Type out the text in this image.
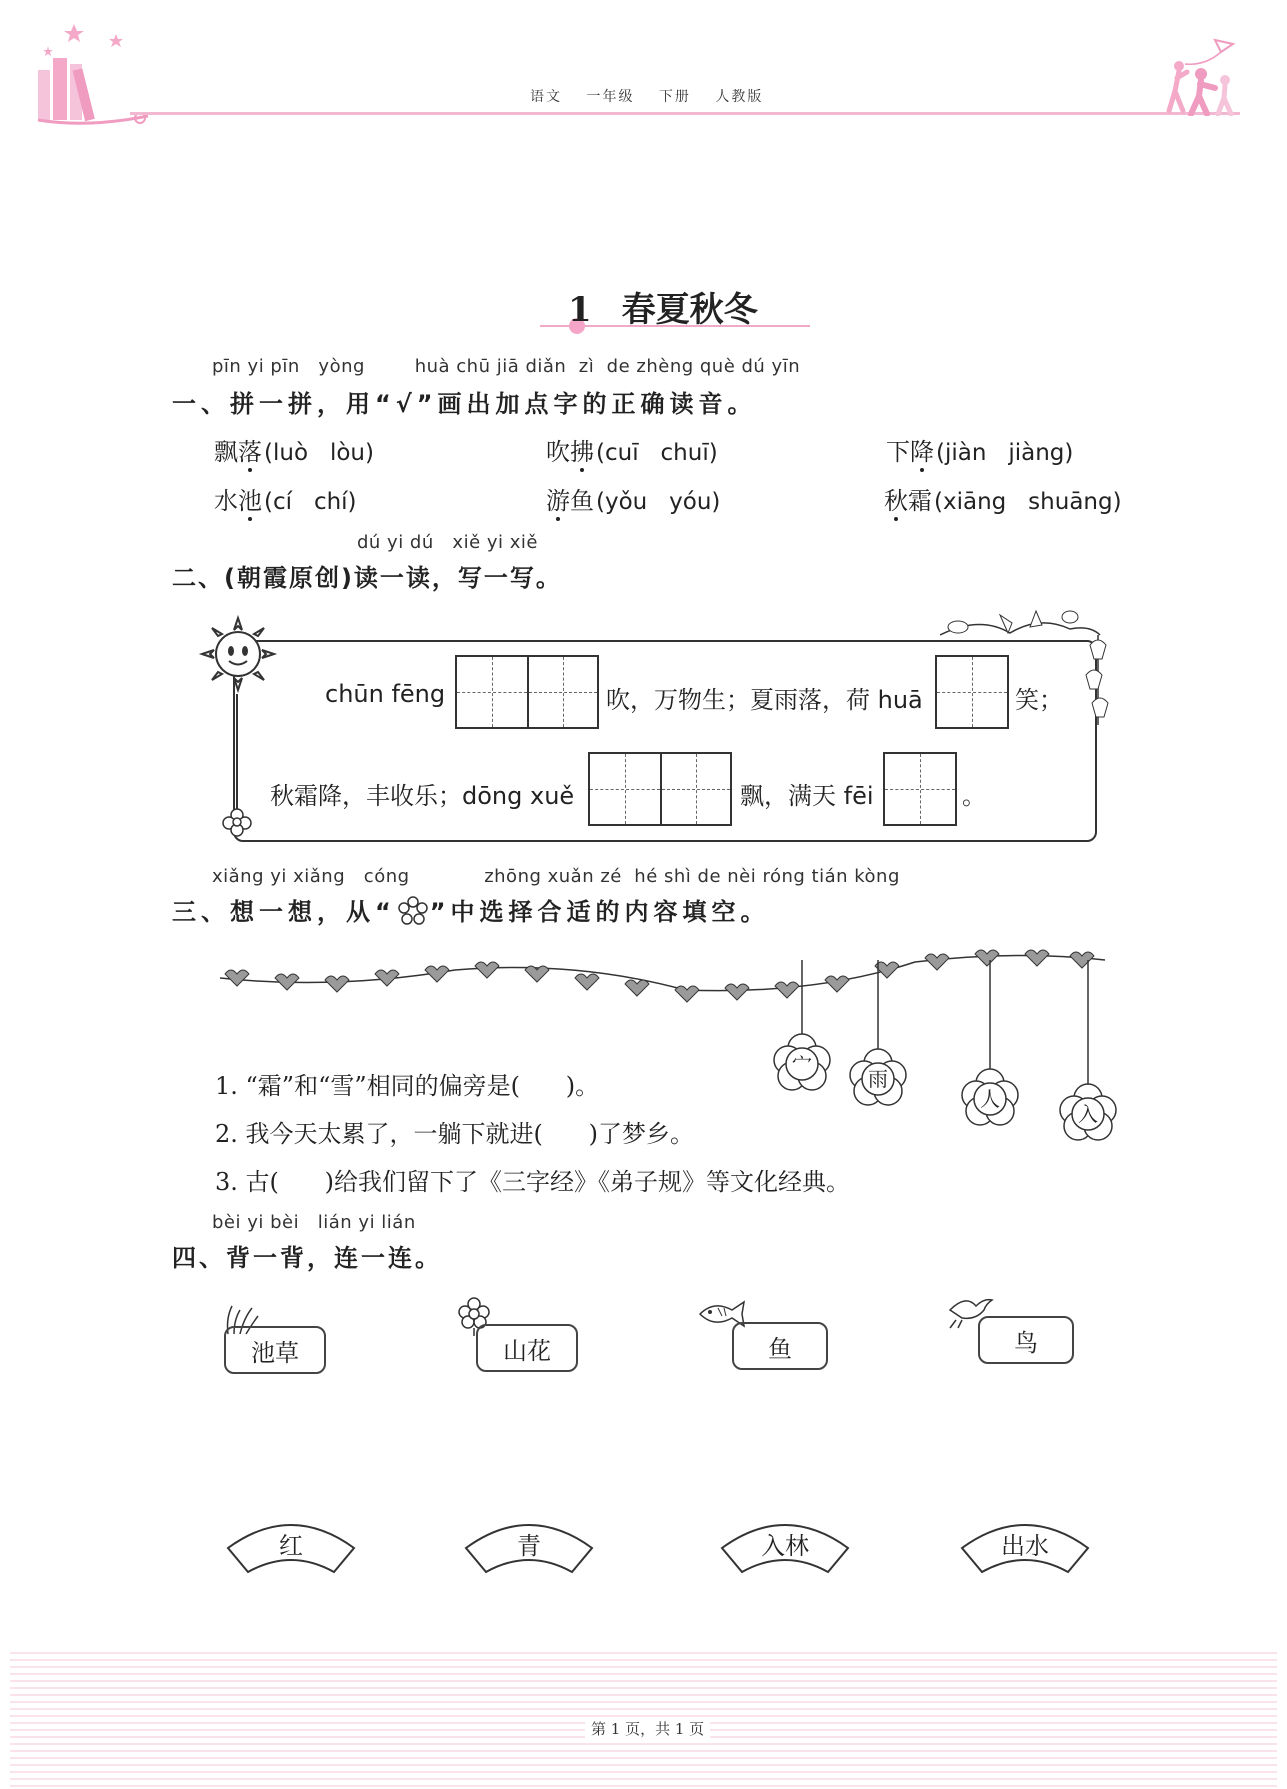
语文 一年级 下册 人教版
1 春夏秋冬
pīn yi pīn   yòng        huà chū jiā diǎn  zì  de zhèng què dú yīn
一、拼一拼，用“√”画出加点字的正确读音。
飘落(luò   lòu)	吹拂(cuī   chuī)	下降(jiàn   jiàng)
水池(cí   chí)	游鱼(yǒu   yóu)	秋霜(xiāng   shuāng)
dú yi dú   xiě yi xiě
二、(朝霞原创)读一读，写一写。
chūn fēng	吹，万物生；夏雨落，荷 huā	笑；
秋霜降，丰收乐；dōng xuě	飘，满天 fēi	。
xiǎng yi xiǎng   cóng            zhōng xuǎn zé  hé shì de nèi róng tián kòng
三、想一想，从“ ”中选择合适的内容填空。
宀
雨
人
入
1. “霜”和“雪”相同的偏旁是(      )。
2. 我今天太累了，一躺下就进(      )了梦乡。
3. 古(      )给我们留下了《三字经》《弟子规》等文化经典。
bèi yi bèi   lián yi lián
四、背一背，连一连。
池草	山花	鱼	鸟
红	青	入林	出水
第 1 页，共 1 页
